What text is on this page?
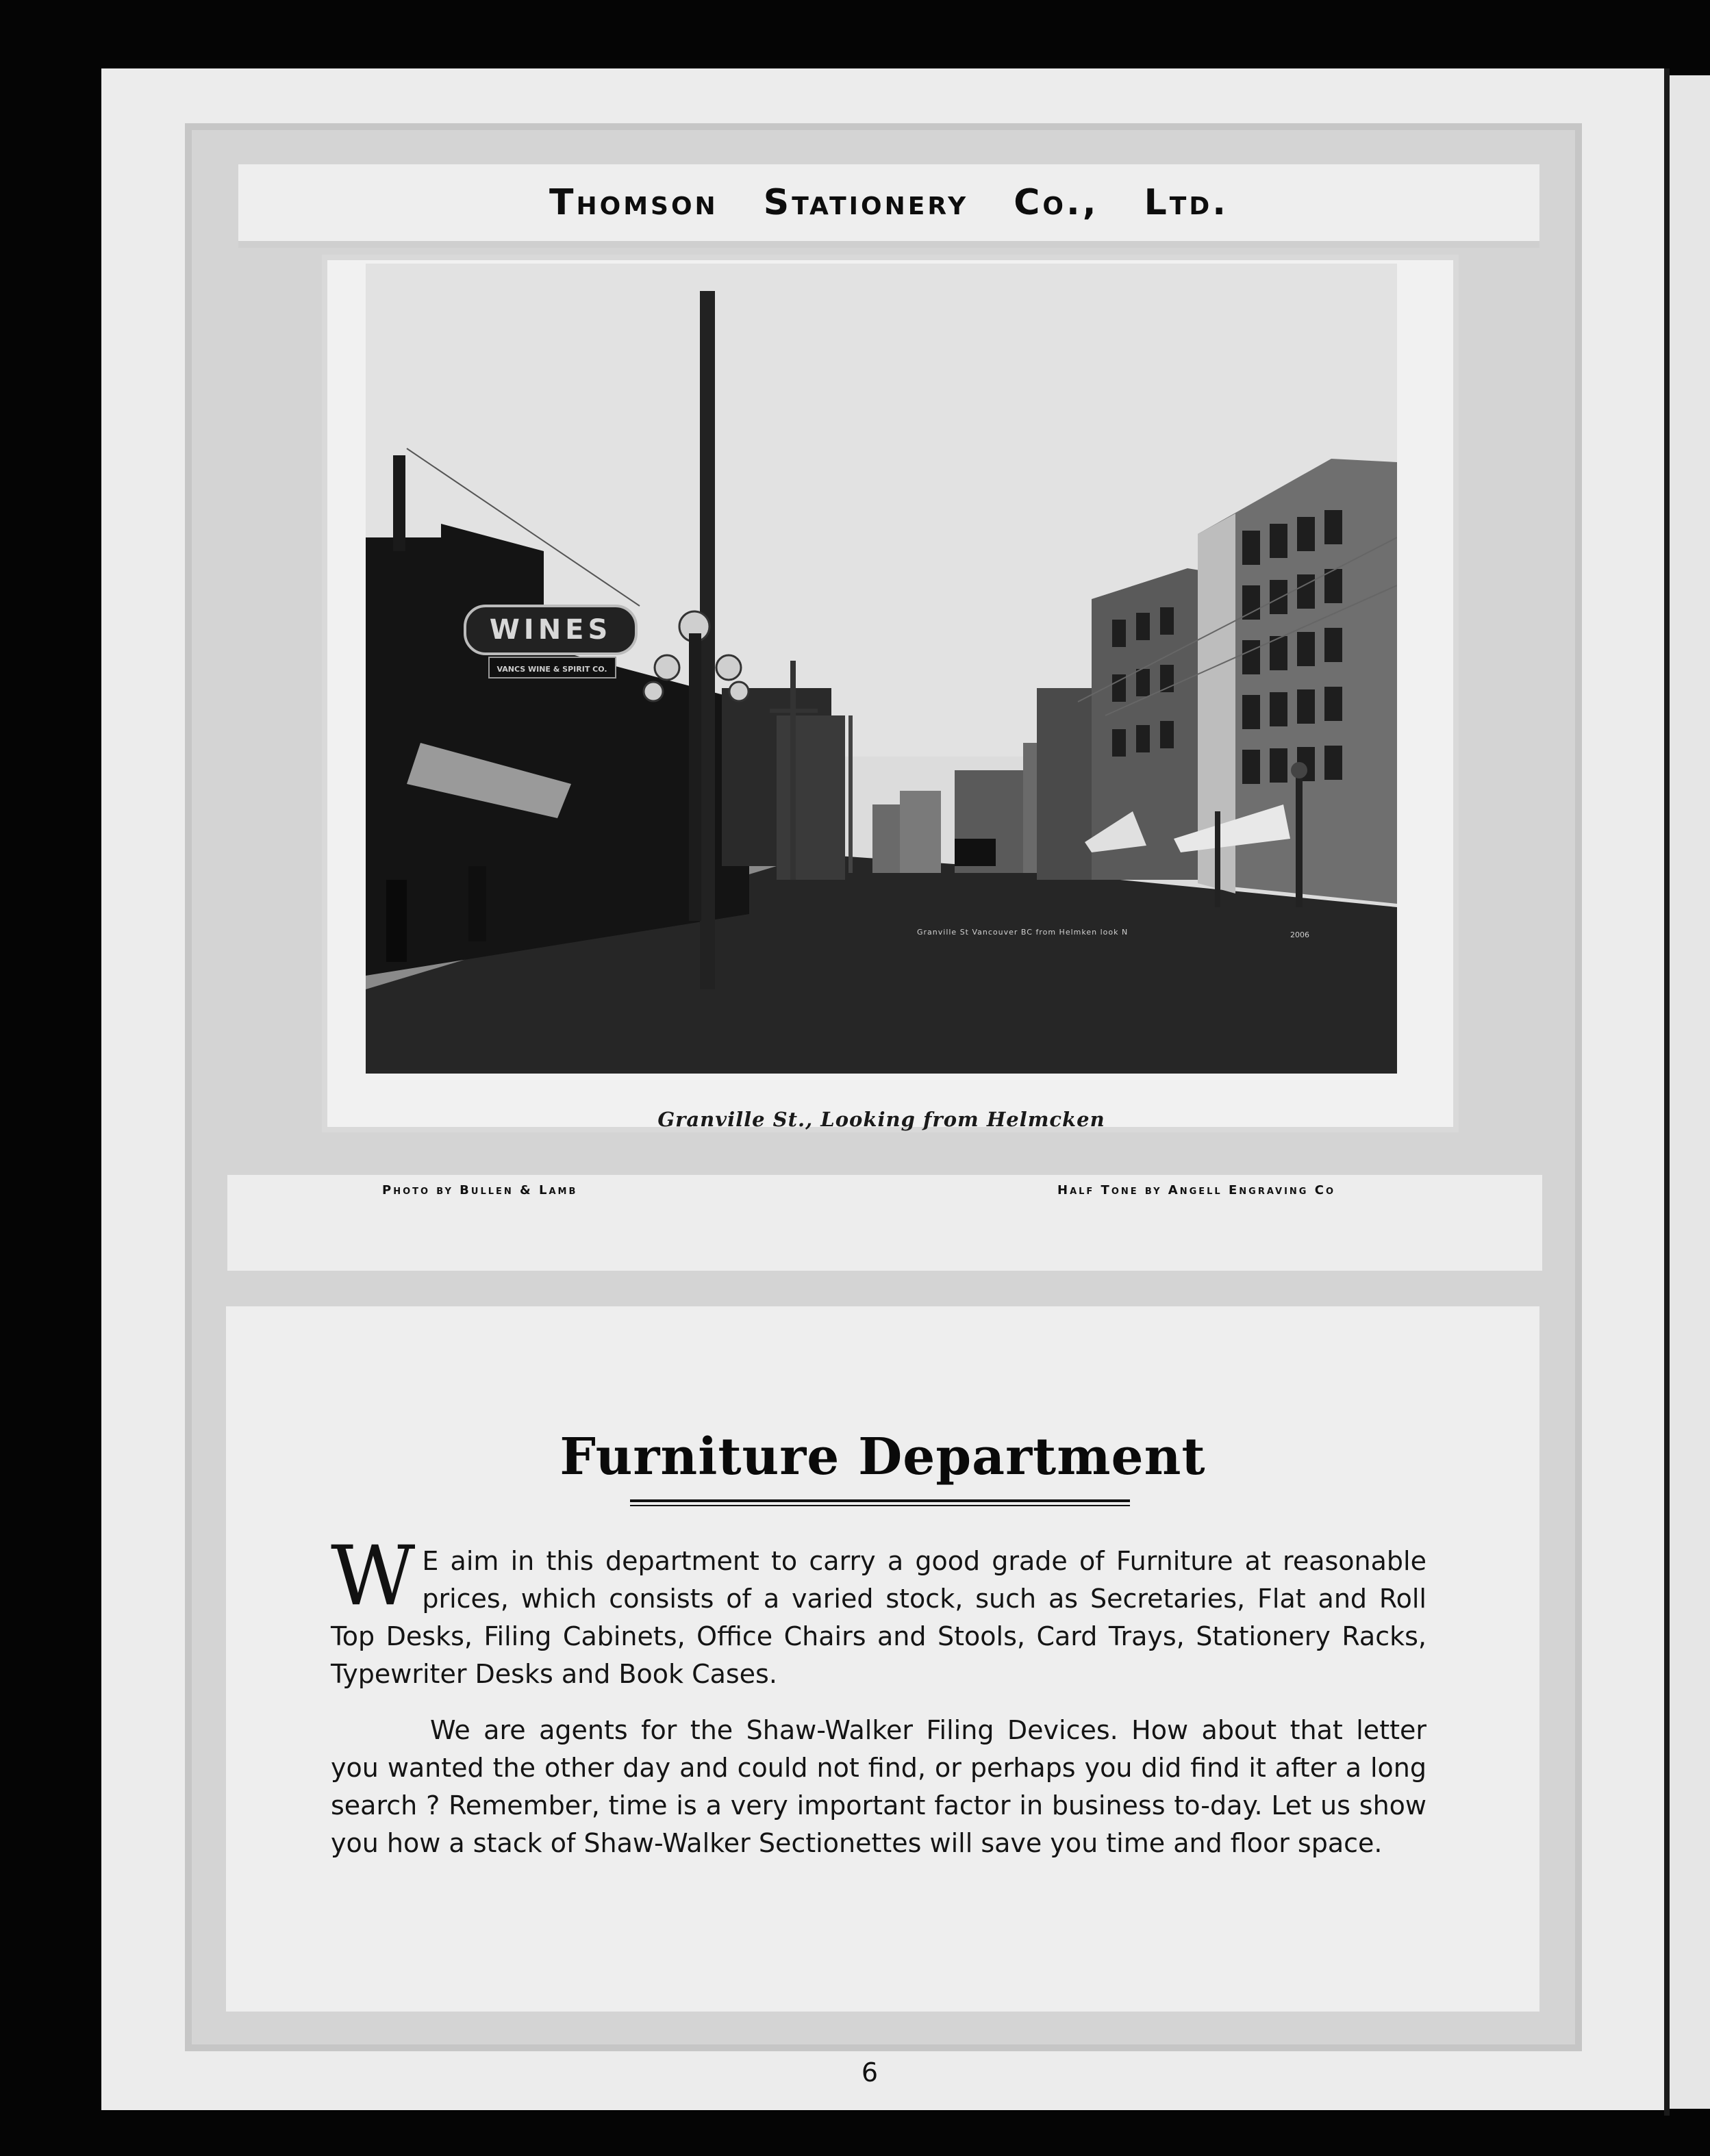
Thomson Stationery Co., Ltd.
WINES
VANCS WINE & SPIRIT CO.
Granville St Vancouver BC from Helmken look N	2006
Granville St., Looking from Helmcken
Photo by Bullen & Lamb	Half Tone by Angell Engraving Co
Furniture Department
W E aim in this department to carry a good grade of Furniture at reasonable prices, which consists of a varied stock, such as Secretaries, Flat and Roll Top Desks, Filing Cabinets, Office Chairs and Stools, Card Trays, Stationery Racks, Typewriter Desks and Book Cases.
We are agents for the Shaw-Walker Filing Devices. How about that letter you wanted the other day and could not find, or perhaps you did find it after a long search ? Remember, time is a very important factor in business to-day. Let us show you how a stack of Shaw-Walker Sectionettes will save you time and floor space.
6
